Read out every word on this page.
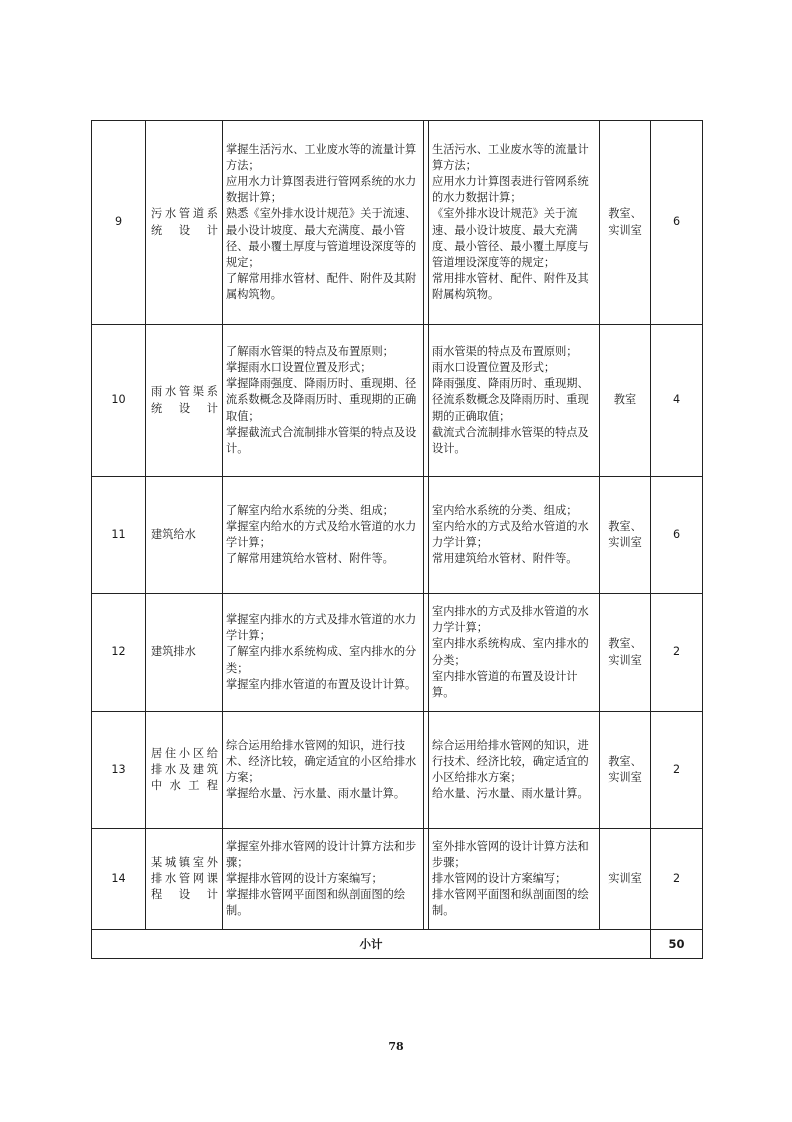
9	污水管道系统设计	掌握生活污水、工业废水等的流量计算方法；
应用水力计算图表进行管网系统的水力数据计算；
熟悉《室外排水设计规范》关于流速、最小设计坡度、最大充满度、最小管径、最小覆土厚度与管道埋设深度等的规定；
了解常用排水管材、配件、附件及其附属构筑物。		生活污水、工业废水等的流量计算方法；
应用水力计算图表进行管网系统的水力数据计算；
《室外排水设计规范》关于流速、最小设计坡度、最大充满度、最小管径、最小覆土厚度与管道埋设深度等的规定；
常用排水管材、配件、附件及其附属构筑物。	教室、
实训室	6
10	雨水管渠系统设计	了解雨水管渠的特点及布置原则；
掌握雨水口设置位置及形式；
掌握降雨强度、降雨历时、重现期、径流系数概念及降雨历时、重现期的正确取值；
掌握截流式合流制排水管渠的特点及设计。		雨水管渠的特点及布置原则；
雨水口设置位置及形式；
降雨强度、降雨历时、重现期、径流系数概念及降雨历时、重现期的正确取值；
截流式合流制排水管渠的特点及设计。	教室	4
11	建筑给水	了解室内给水系统的分类、组成；
掌握室内给水的方式及给水管道的水力学计算；
了解常用建筑给水管材、附件等。		室内给水系统的分类、组成；
室内给水的方式及给水管道的水力学计算；
常用建筑给水管材、附件等。	教室、
实训室	6
12	建筑排水	掌握室内排水的方式及排水管道的水力学计算；
了解室内排水系统构成、室内排水的分类；
掌握室内排水管道的布置及设计计算。		室内排水的方式及排水管道的水力学计算；
室内排水系统构成、室内排水的分类；
室内排水管道的布置及设计计算。	教室、
实训室	2
13	居住小区给排水及建筑中水工程	综合运用给排水管网的知识，进行技术、经济比较，确定适宜的小区给排水方案；
掌握给水量、污水量、雨水量计算。		综合运用给排水管网的知识，进行技术、经济比较，确定适宜的小区给排水方案；
给水量、污水量、雨水量计算。	教室、
实训室	2
14	某城镇室外排水管网课程设计	掌握室外排水管网的设计计算方法和步骤；
掌握排水管网的设计方案编写；
掌握排水管网平面图和纵剖面图的绘制。		室外排水管网的设计计算方法和步骤；
排水管网的设计方案编写；
排水管网平面图和纵剖面图的绘制。	实训室	2
小计						50
78
